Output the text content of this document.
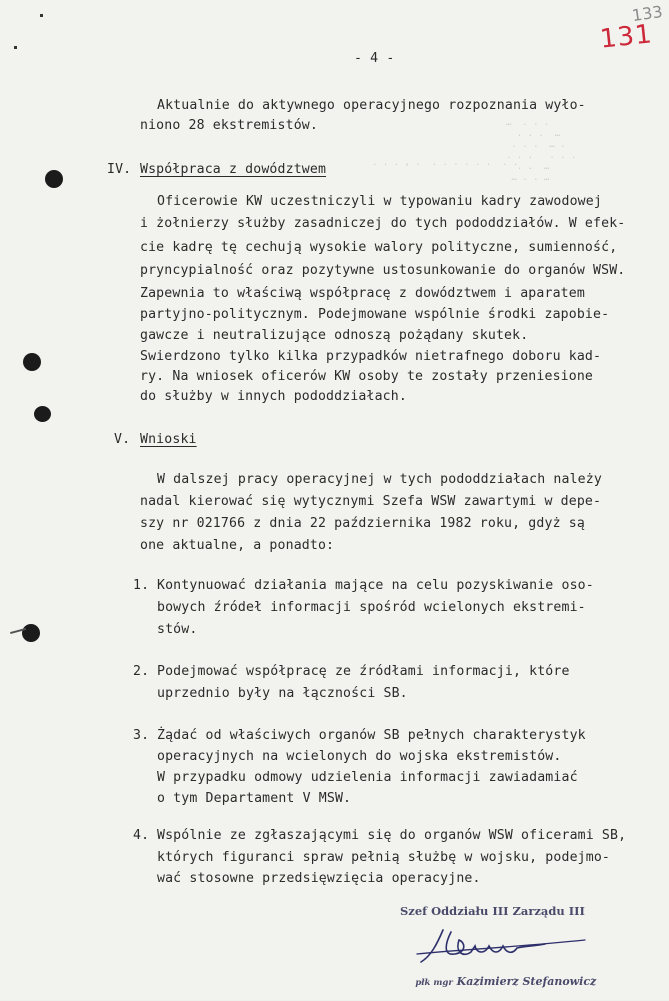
133
131
- 4 -
…  . . .
. . .  …
. . .  … .
. . .   . . .
. .  …
… . . …
. . . , .  . . . . . .  . .
Aktualnie do aktywnego operacyjnego rozpoznania wyło-
niono 28 ekstremistów.
IV. Współpraca z dowództwem
Oficerowie KW uczestniczyli w typowaniu kadry zawodowej
i żołnierzy służby zasadniczej do tych pododdziałów. W efek-
cie kadrę tę cechują wysokie walory polityczne, sumienność,
pryncypialność oraz pozytywne ustosunkowanie do organów WSW.
Zapewnia to właściwą współpracę z dowództwem i aparatem
partyjno-politycznym. Podejmowane wspólnie środki zapobie-
gawcze i neutralizujące odnoszą pożądany skutek.
Swierdzono tylko kilka przypadków nietrafnego doboru kad-
ry. Na wniosek oficerów KW osoby te zostały przeniesione
do służby w innych pododdziałach.
V. Wnioski
W dalszej pracy operacyjnej w tych pododdziałach należy
nadal kierować się wytycznymi Szefa WSW zawartymi w depe-
szy nr 021766 z dnia 22 października 1982 roku, gdyż są
one aktualne, a ponadto:
1. Kontynuować działania mające na celu pozyskiwanie oso-
bowych źródeł informacji spośród wcielonych ekstremi-
stów.
2. Podejmować współpracę ze źródłami informacji, które
uprzednio były na łączności SB.
3. Żądać od właściwych organów SB pełnych charakterystyk
operacyjnych na wcielonych do wojska ekstremistów.
W przypadku odmowy udzielenia informacji zawiadamiać
o tym Departament V MSW.
4. Wspólnie ze zgłaszającymi się do organów WSW oficerami SB,
których figuranci spraw pełnią służbę w wojsku, podejmo-
wać stosowne przedsięwzięcia operacyjne.
Szef Oddziału III Zarządu III

płk mgr Kazimierz Stefanowicz
